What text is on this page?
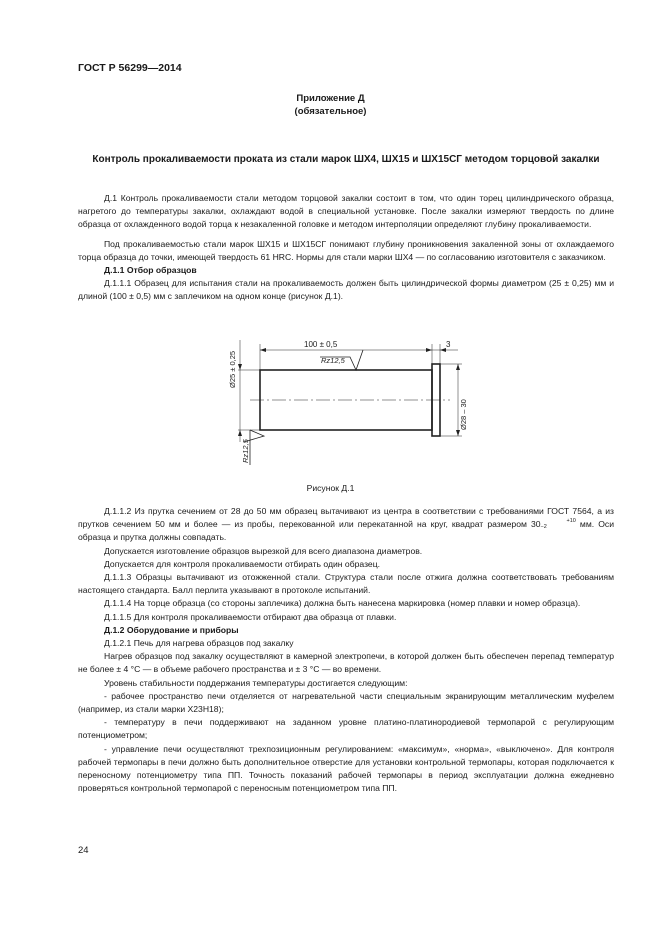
ГОСТ Р 56299—2014
Приложение Д
(обязательное)
Контроль прокаливаемости проката из стали марок ШХ4, ШХ15 и ШХ15СГ методом торцовой закалки

Д.1 Контроль прокаливаемости стали методом торцовой закалки состоит в том, что один торец цилиндрического образца, нагретого до температуры закалки, охлаждают водой в специальной установке. После закалки измеряют твердость по длине образца от охлажденного водой торца к незакаленной головке и методом интерполяции определяют глубину прокаливаемости.

Под прокаливаемостью стали марок ШХ15 и ШХ15СГ понимают глубину проникновения закаленной зоны от охлаждаемого торца образца до точки, имеющей твердость 61 HRC. Нормы для стали марки ШХ4 — по согласованию изготовителя с заказчиком.

Д.1.1 Отбор образцов

Д.1.1.1 Образец для испытания стали на прокаливаемость должен быть цилиндрической формы диаметром (25 ± 0,25) мм и длиной (100 ± 0,5) мм с заплечиком на одном конце (рисунок Д.1).

100 ± 0,5	3
Rz12,5
Ø25 ± 0,25
Ø28 – 30
Rz12,5
Рисунок Д.1

Д.1.1.2 Из прутка сечением от 28 до 50 мм образец вытачивают из центра в соответствии с требованиями ГОСТ 7564, а из прутков сечением 50 мм и более — из пробы, перекованной или перекатанной на круг, квадрат размером 30	+10
−2	мм. Оси образца и прутка должны совпадать.

Допускается изготовление образцов вырезкой для всего диапазона диаметров.

Допускается для контроля прокаливаемости отбирать один образец.

Д.1.1.3 Образцы вытачивают из отожженной стали. Структура стали после отжига должна соответствовать требованиям настоящего стандарта. Балл перлита указывают в протоколе испытаний.

Д.1.1.4 На торце образца (со стороны заплечика) должна быть нанесена маркировка (номер плавки и номер образца).

Д.1.1.5 Для контроля прокаливаемости отбирают два образца от плавки.

Д.1.2 Оборудование и приборы

Д.1.2.1 Печь для нагрева образцов под закалку

Нагрев образцов под закалку осуществляют в камерной электропечи, в которой должен быть обеспечен перепад температур не более ± 4 °C — в объеме рабочего пространства и ± 3 °C — во времени.

Уровень стабильности поддержания температуры достигается следующим:

- рабочее пространство печи отделяется от нагревательной части специальным экранирующим металлическим муфелем (например, из стали марки Х23Н18);

- температуру в печи поддерживают на заданном уровне платино-платинородиевой термопарой с регулирующим потенциометром;

- управление печи осуществляют трехпозиционным регулированием: «максимум», «норма», «выключено». Для контроля рабочей термопары в печи должно быть дополнительное отверстие для установки контрольной термопары, которая подключается к переносному потенциометру типа ПП. Точность показаний рабочей термопары в период эксплуатации должна ежедневно проверяться контрольной термопарой с переносным потенциометром типа ПП.

24
